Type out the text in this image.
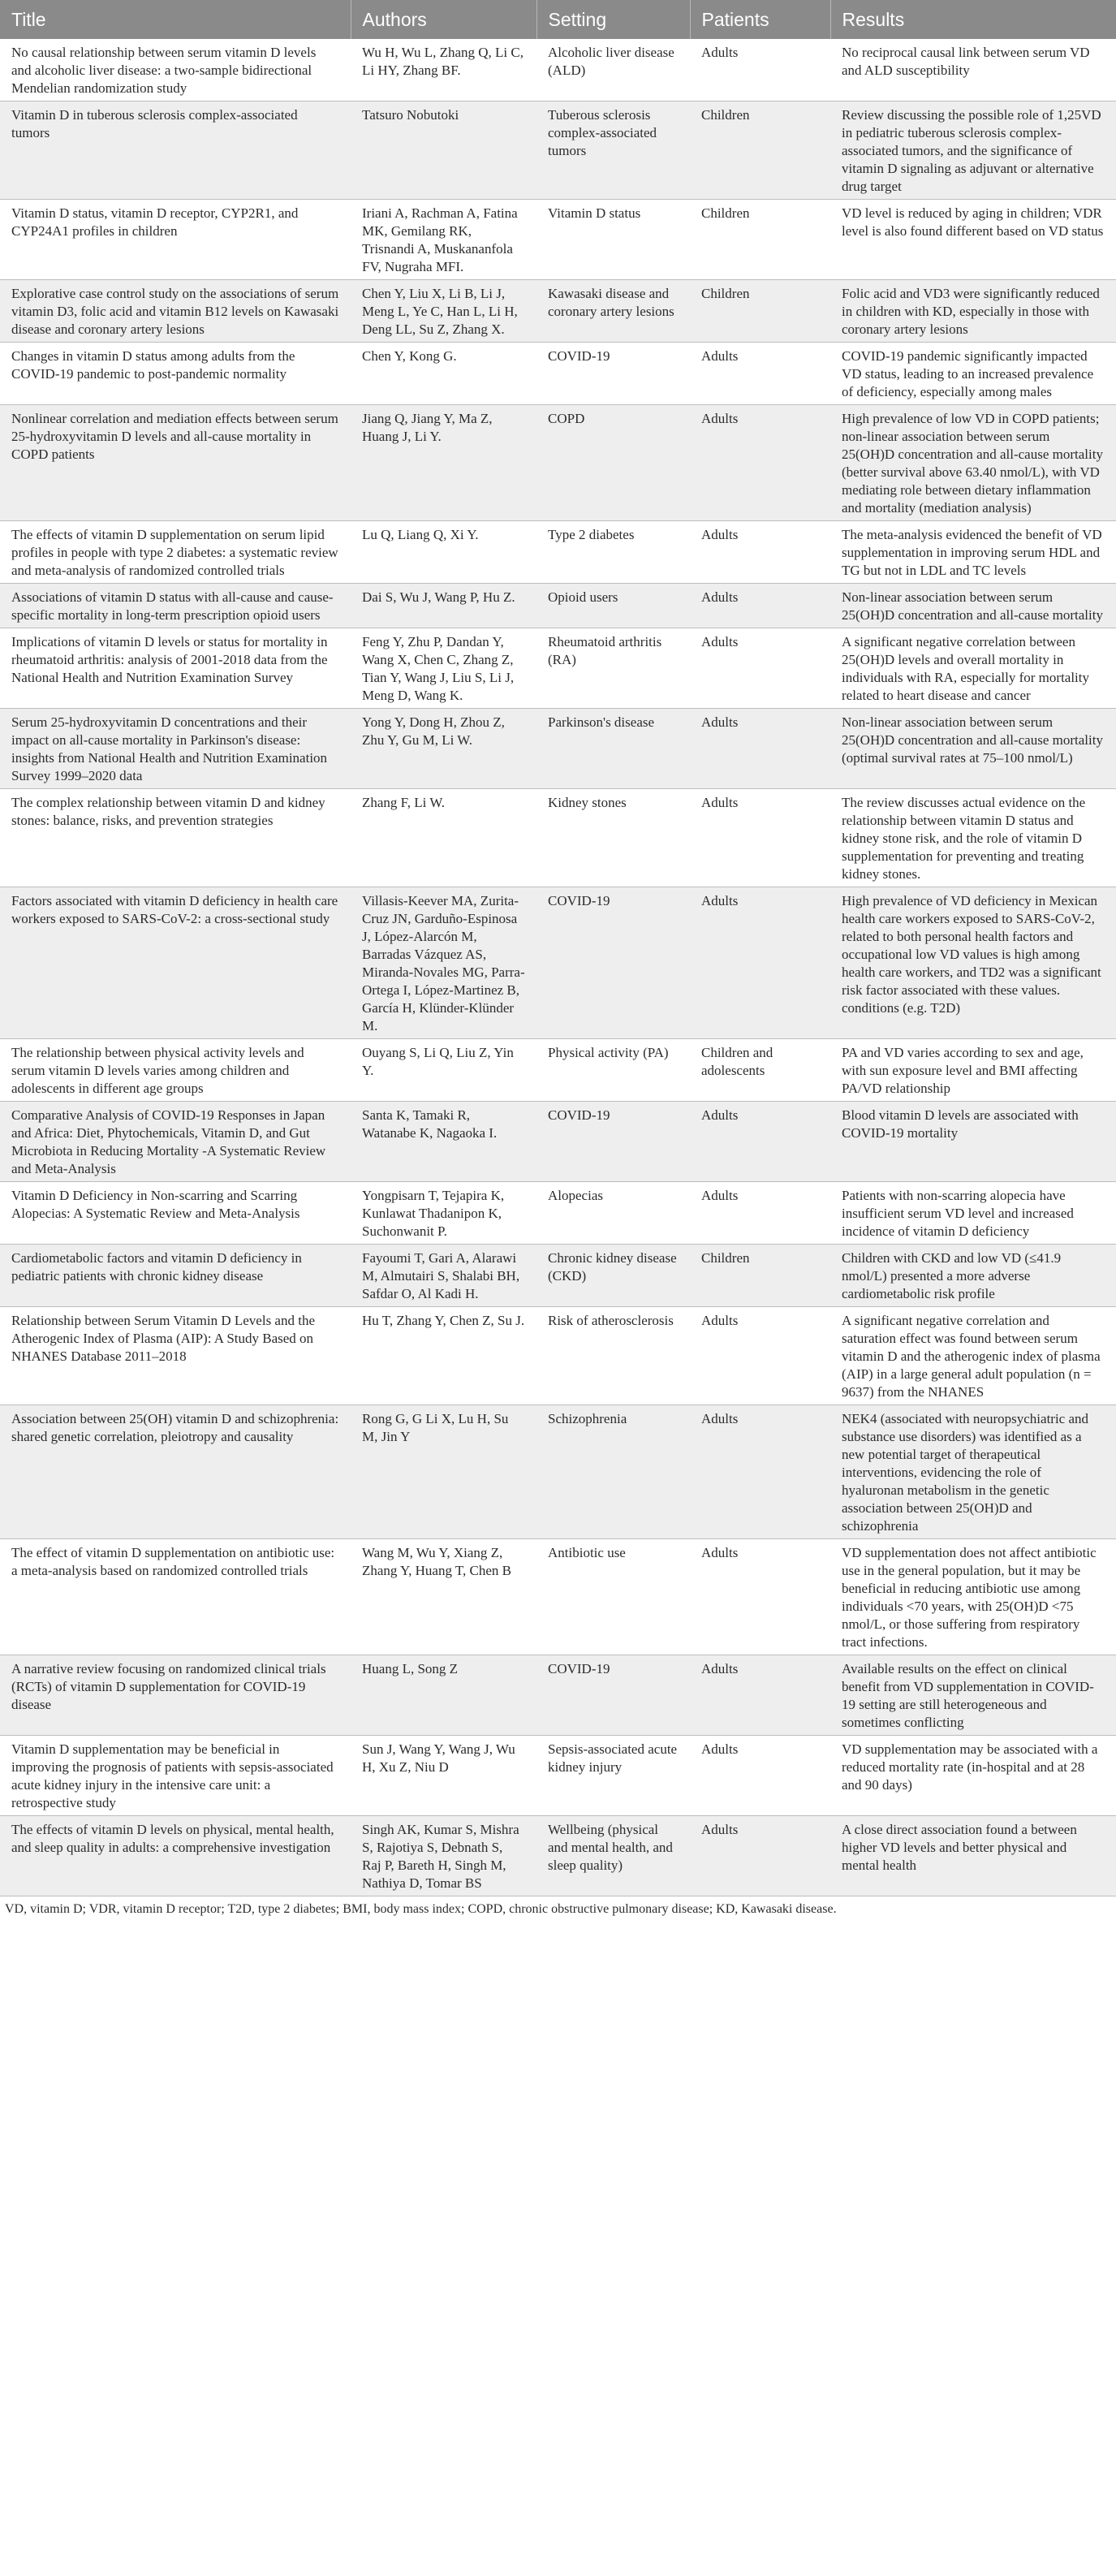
Title	Authors	Setting	Patients	Results
No causal relationship between serum vitamin D levels and alcoholic liver disease: a two-sample bidirectional Mendelian randomization study	Wu H, Wu L, Zhang Q, Li C, Li HY, Zhang BF.	Alcoholic liver disease (ALD)	Adults	No reciprocal causal link between serum VD and ALD susceptibility
Vitamin D in tuberous sclerosis complex-associated tumors	Tatsuro Nobutoki	Tuberous sclerosis complex-associated tumors	Children	Review discussing the possible role of 1,25VD in pediatric tuberous sclerosis complex-associated tumors, and the significance of vitamin D signaling as adjuvant or alternative drug target
Vitamin D status, vitamin D receptor, CYP2R1, and CYP24A1 profiles in children	Iriani A, Rachman A, Fatina MK, Gemilang RK, Trisnandi A, Muskananfola FV, Nugraha MFI.	Vitamin D status	Children	VD level is reduced by aging in children; VDR level is also found different based on VD status
Explorative case control study on the associations of serum vitamin D3, folic acid and vitamin B12 levels on Kawasaki disease and coronary artery lesions	Chen Y, Liu X, Li B, Li J, Meng L, Ye C, Han L, Li H, Deng LL, Su Z, Zhang X.	Kawasaki disease and coronary artery lesions	Children	Folic acid and VD3 were significantly reduced in children with KD, especially in those with coronary artery lesions
Changes in vitamin D status among adults from the COVID-19 pandemic to post-pandemic normality	Chen Y, Kong G.	COVID-19	Adults	COVID-19 pandemic significantly impacted VD status, leading to an increased prevalence of deficiency, especially among males
Nonlinear correlation and mediation effects between serum 25-hydroxyvitamin D levels and all-cause mortality in COPD patients	Jiang Q, Jiang Y, Ma Z, Huang J, Li Y.	COPD	Adults	High prevalence of low VD in COPD patients; non-linear association between serum 25(OH)D concentration and all-cause mortality (better survival above 63.40 nmol/L), with VD mediating role between dietary inflammation and mortality (mediation analysis)
The effects of vitamin D supplementation on serum lipid profiles in people with type 2 diabetes: a systematic review and meta-analysis of randomized controlled trials	Lu Q, Liang Q, Xi Y.	Type 2 diabetes	Adults	The meta-analysis evidenced the benefit of VD supplementation in improving serum HDL and TG but not in LDL and TC levels
Associations of vitamin D status with all-cause and cause-specific mortality in long-term prescription opioid users	Dai S, Wu J, Wang P, Hu Z.	Opioid users	Adults	Non-linear association between serum 25(OH)D concentration and all-cause mortality
Implications of vitamin D levels or status for mortality in rheumatoid arthritis: analysis of 2001-2018 data from the National Health and Nutrition Examination Survey	Feng Y, Zhu P, Dandan Y, Wang X, Chen C, Zhang Z, Tian Y, Wang J, Liu S, Li J, Meng D, Wang K.	Rheumatoid arthritis (RA)	Adults	A significant negative correlation between 25(OH)D levels and overall mortality in individuals with RA, especially for mortality related to heart disease and cancer
Serum 25-hydroxyvitamin D concentrations and their impact on all-cause mortality in Parkinson's disease: insights from National Health and Nutrition Examination Survey 1999–2020 data	Yong Y, Dong H, Zhou Z, Zhu Y, Gu M, Li W.	Parkinson's disease	Adults	Non-linear association between serum 25(OH)D concentration and all-cause mortality (optimal survival rates at 75–100 nmol/L)
The complex relationship between vitamin D and kidney stones: balance, risks, and prevention strategies	Zhang F, Li W.	Kidney stones	Adults	The review discusses actual evidence on the relationship between vitamin D status and kidney stone risk, and the role of vitamin D supplementation for preventing and treating kidney stones.
Factors associated with vitamin D deficiency in health care workers exposed to SARS-CoV-2: a cross-sectional study	Villasis-Keever MA, Zurita-Cruz JN, Garduño-Espinosa J, López-Alarcón M, Barradas Vázquez AS, Miranda-Novales MG, Parra-Ortega I, López-Martinez B, García H, Klünder-Klünder M.	COVID-19	Adults	High prevalence of VD deficiency in Mexican health care workers exposed to SARS-CoV-2, related to both personal health factors and occupational low VD values is high among health care workers, and TD2 was a significant risk factor associated with these values. conditions (e.g. T2D)
The relationship between physical activity levels and serum vitamin D levels varies among children and adolescents in different age groups	Ouyang S, Li Q, Liu Z, Yin Y.	Physical activity (PA)	Children and adolescents	PA and VD varies according to sex and age, with sun exposure level and BMI affecting PA/VD relationship
Comparative Analysis of COVID-19 Responses in Japan and Africa: Diet, Phytochemicals, Vitamin D, and Gut Microbiota in Reducing Mortality -A Systematic Review and Meta-Analysis	Santa K, Tamaki R, Watanabe K, Nagaoka I.	COVID-19	Adults	Blood vitamin D levels are associated with COVID-19 mortality
Vitamin D Deficiency in Non-scarring and Scarring Alopecias: A Systematic Review and Meta-Analysis	Yongpisarn T, Tejapira K, Kunlawat Thadanipon K, Suchonwanit P.	Alopecias	Adults	Patients with non-scarring alopecia have insufficient serum VD level and increased incidence of vitamin D deficiency
Cardiometabolic factors and vitamin D deficiency in pediatric patients with chronic kidney disease	Fayoumi T, Gari A, Alarawi M, Almutairi S, Shalabi BH, Safdar O, Al Kadi H.	Chronic kidney disease (CKD)	Children	Children with CKD and low VD (≤41.9 nmol/L) presented a more adverse cardiometabolic risk profile
Relationship between Serum Vitamin D Levels and the Atherogenic Index of Plasma (AIP): A Study Based on NHANES Database 2011–2018	Hu T, Zhang Y, Chen Z, Su J.	Risk of atherosclerosis	Adults	A significant negative correlation and saturation effect was found between serum vitamin D and the atherogenic index of plasma (AIP) in a large general adult population (n = 9637) from the NHANES
Association between 25(OH) vitamin D and schizophrenia: shared genetic correlation, pleiotropy and causality	Rong G, G Li X, Lu H, Su M, Jin Y	Schizophrenia	Adults	NEK4 (associated with neuropsychiatric and substance use disorders) was identified as a new potential target of therapeutical interventions, evidencing the role of hyaluronan metabolism in the genetic association between 25(OH)D and schizophrenia
The effect of vitamin D supplementation on antibiotic use: a meta-analysis based on randomized controlled trials	Wang M, Wu Y, Xiang Z, Zhang Y, Huang T, Chen B	Antibiotic use	Adults	VD supplementation does not affect antibiotic use in the general population, but it may be beneficial in reducing antibiotic use among individuals <70 years, with 25(OH)D <75 nmol/L, or those suffering from respiratory tract infections.
A narrative review focusing on randomized clinical trials (RCTs) of vitamin D supplementation for COVID-19 disease	Huang L, Song Z	COVID-19	Adults	Available results on the effect on clinical benefit from VD supplementation in COVID-19 setting are still heterogeneous and sometimes conflicting
Vitamin D supplementation may be beneficial in improving the prognosis of patients with sepsis-associated acute kidney injury in the intensive care unit: a retrospective study	Sun J, Wang Y, Wang J, Wu H, Xu Z, Niu D	Sepsis-associated acute kidney injury	Adults	VD supplementation may be associated with a reduced mortality rate (in-hospital and at 28 and 90 days)
The effects of vitamin D levels on physical, mental health, and sleep quality in adults: a comprehensive investigation	Singh AK, Kumar S, Mishra S, Rajotiya S, Debnath S, Raj P, Bareth H, Singh M, Nathiya D, Tomar BS	Wellbeing (physical and mental health, and sleep quality)	Adults	A close direct association found a between higher VD levels and better physical and mental health
VD, vitamin D; VDR, vitamin D receptor; T2D, type 2 diabetes; BMI, body mass index; COPD, chronic obstructive pulmonary disease; KD, Kawasaki disease.
